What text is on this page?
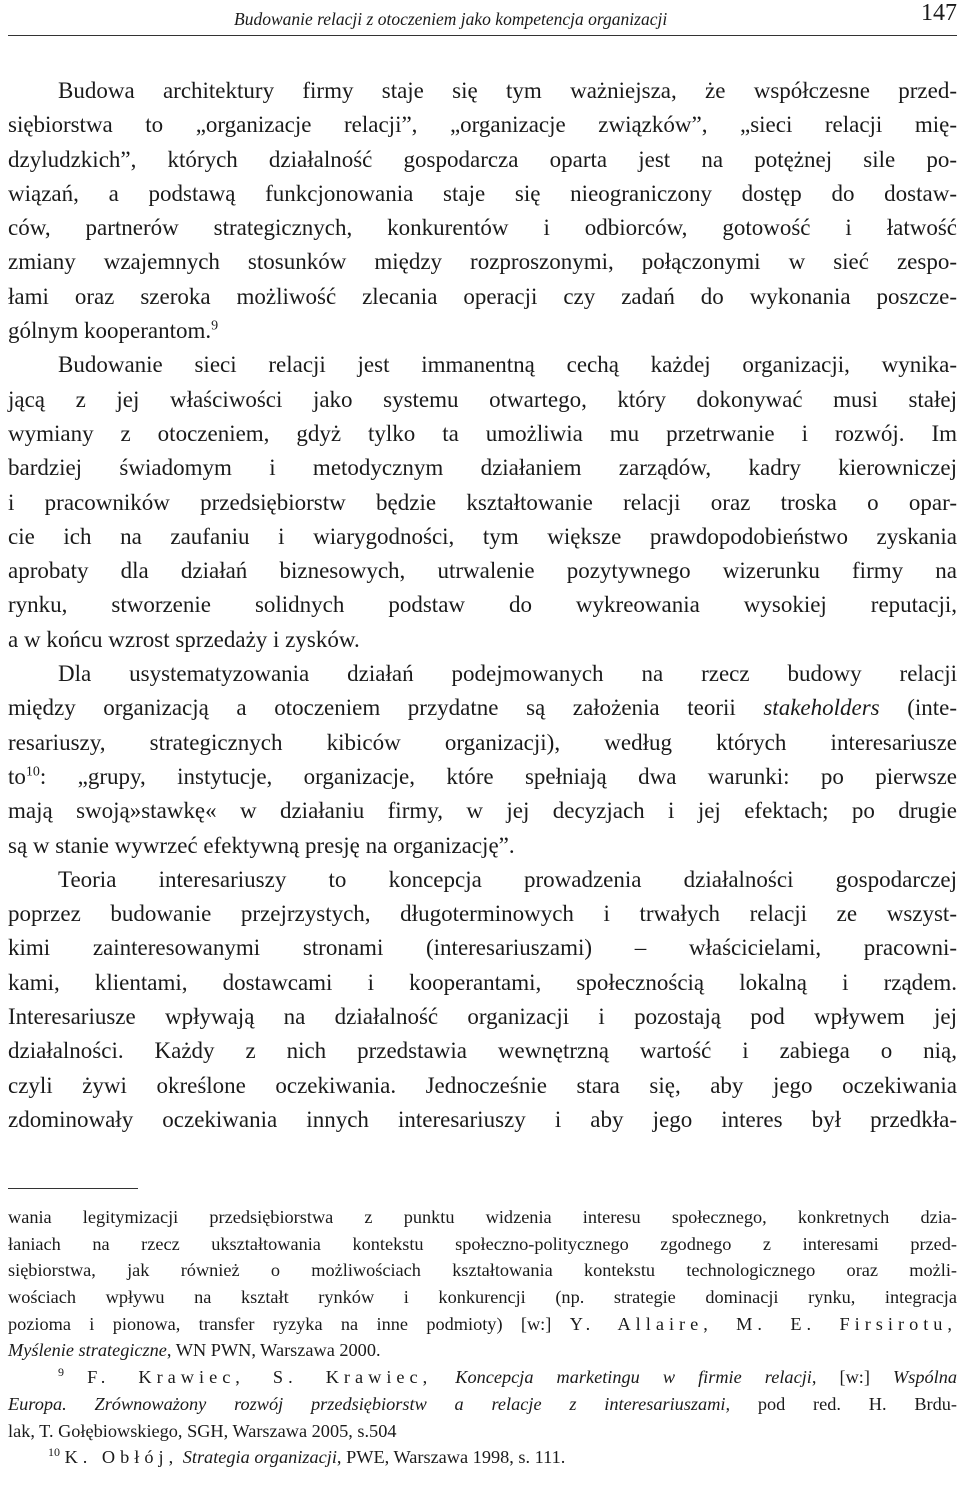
Budowanie relacji z otoczeniem jako kompetencja organizacji	147
Budowa architektury firmy staje się tym ważniejsza, że współczesne przed-
siębiorstwa to „organizacje relacji”, „organizacje związków”, „sieci relacji mię-
dzyludzkich”, których działalność gospodarcza oparta jest na potężnej sile po-
wiązań, a podstawą funkcjonowania staje się nieograniczony dostęp do dostaw-
ców, partnerów strategicznych, konkurentów i odbiorców, gotowość i łatwość
zmiany wzajemnych stosunków między rozproszonymi, połączonymi w sieć zespo-
łami oraz szeroka możliwość zlecania operacji czy zadań do wykonania poszcze-
gólnym kooperantom.$^9$
Budowanie sieci relacji jest immanentną cechą każdej organizacji, wynika-
jącą z jej właściwości jako systemu otwartego, który dokonywać musi stałej
wymiany z otoczeniem, gdyż tylko ta umożliwia mu przetrwanie i rozwój. Im
bardziej świadomym i metodycznym działaniem zarządów, kadry kierowniczej
i pracowników przedsiębiorstw będzie kształtowanie relacji oraz troska o opar-
cie ich na zaufaniu i wiarygodności, tym większe prawdopodobieństwo zyskania
aprobaty dla działań biznesowych, utrwalenie pozytywnego wizerunku firmy na
rynku, stworzenie solidnych podstaw do wykreowania wysokiej reputacji,
a w końcu wzrost sprzedaży i zysków.
Dla usystematyzowania działań podejmowanych na rzecz budowy relacji
między organizacją a otoczeniem przydatne są założenia teorii stakeholders (inte-
resariuszy, strategicznych kibiców organizacji), według których interesariusze
$to^{10}$: „grupy, instytucje, organizacje, które spełniają dwa warunki: po pierwsze
mają swoją»stawkę« w działaniu firmy, w jej decyzjach i jej efektach; po drugie
są w stanie wywrzeć efektywną presję na organizację”.
Teoria interesariuszy to koncepcja prowadzenia działalności gospodarczej
poprzez budowanie przejrzystych, długoterminowych i trwałych relacji ze wszyst-
kimi zainteresowanymi stronami (interesariuszami) – właścicielami, pracowni-
kami, klientami, dostawcami i kooperantami, społecznością lokalną i rządem.
Interesariusze wpływają na działalność organizacji i pozostają pod wpływem jej
działalności. Każdy z nich przedstawia wewnętrzną wartość i zabiega o nią,
czyli żywi określone oczekiwania. Jednocześnie stara się, aby jego oczekiwania
zdominowały oczekiwania innych interesariuszy i aby jego interes był przedkła-
wania legitymizacji przedsiębiorstwa z punktu widzenia interesu społecznego, konkretnych dzia-
łaniach na rzecz ukształtowania kontekstu społeczno-politycznego zgodnego z interesami przed-
siębiorstwa, jak również o możliwościach kształtowania kontekstu technologicznego oraz możli-
wościach wpływu na kształt rynków i konkurencji (np. strategie dominacji rynku, integracja
pozioma i pionowa, transfer ryzyka na inne podmioty) [w:] Y. Allaire, M. E. Firsirotu,
Myślenie strategiczne, WN PWN, Warszawa 2000.
$^9$ F. Krawiec, S. Krawiec, Koncepcja marketingu w firmie relacji, [w:] Wspólna
Europa. Zrównoważony rozwój przedsiębiorstw a relacje z interesariuszami, pod red. H. Brdu-
lak, T. Gołębiowskiego, SGH, Warszawa 2005, s.504
$^{10}$ K. Obłój, Strategia organizacji, PWE, Warszawa 1998, s. 111.
